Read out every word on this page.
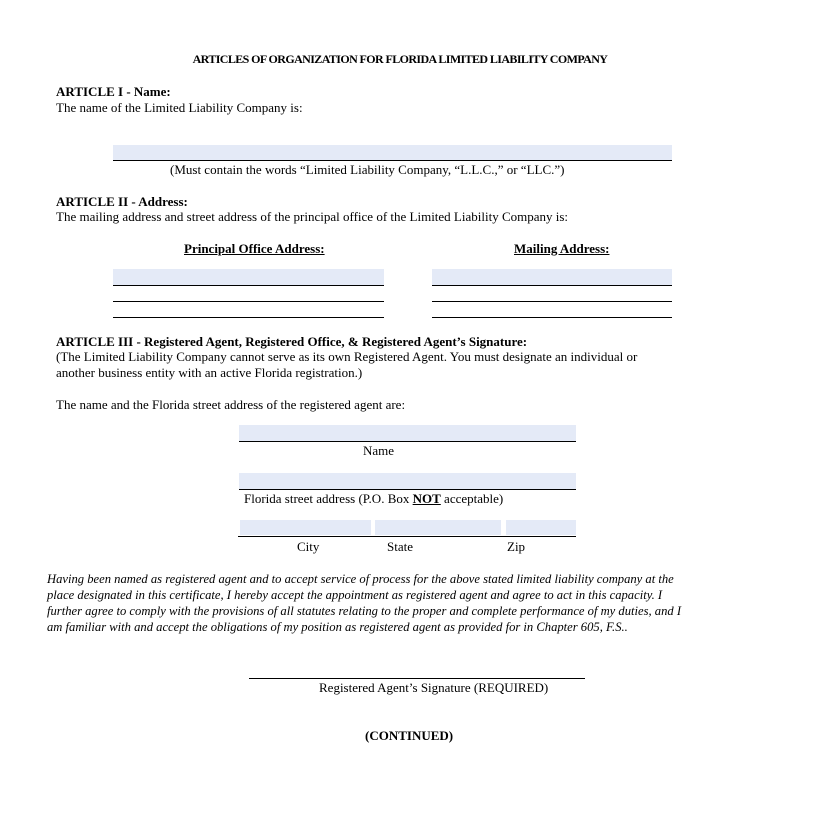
ARTICLES OF ORGANIZATION FOR FLORIDA LIMITED LIABILITY COMPANY
ARTICLE I - Name:
The name of the Limited Liability Company is:
(Must contain the words “Limited Liability Company, “L.L.C.,” or “LLC.”)
ARTICLE II - Address:
The mailing address and street address of the principal office of the Limited Liability Company is:
Principal Office Address:	Mailing Address:
ARTICLE III - Registered Agent, Registered Office, & Registered Agent’s Signature:
(The Limited Liability Company cannot serve as its own Registered Agent. You must designate an individual or
another business entity with an active Florida registration.)
The name and the Florida street address of the registered agent are:
Name
Florida street address (P.O. Box NOT acceptable)
City	State	Zip
Having been named as registered agent and to accept service of process for the above stated limited liability company at the
place designated in this certificate, I hereby accept the appointment as registered agent and agree to act in this capacity. I
further agree to comply with the provisions of all statutes relating to the proper and complete performance of my duties, and I
am familiar with and accept the obligations of my position as registered agent as provided for in Chapter 605, F.S..
Registered Agent’s Signature (REQUIRED)
(CONTINUED)
